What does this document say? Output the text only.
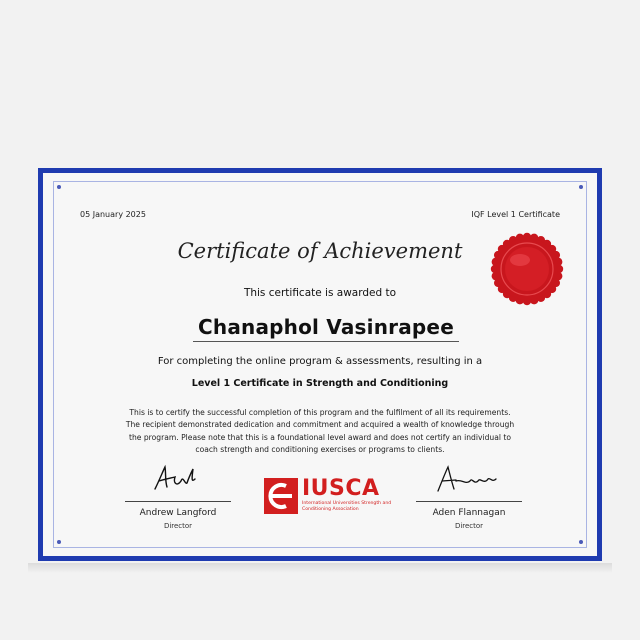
05 January 2025	IQF Level 1 Certificate
Certificate of Achievement
This certificate is awarded to
Chanaphol Vasinrapee
For completing the online program & assessments, resulting in a
Level 1 Certificate in Strength and Conditioning
This is to certify the successful completion of this program and the fulfilment of all its requirements. The recipient demonstrated dedication and commitment and acquired a wealth of knowledge through the program. Please note that this is a foundational level award and does not certify an individual to coach strength and conditioning exercises or programs to clients.
Andrew Langford
Director
IUSCA
International Universities Strength and Conditioning Association	Aden Flannagan
Director
